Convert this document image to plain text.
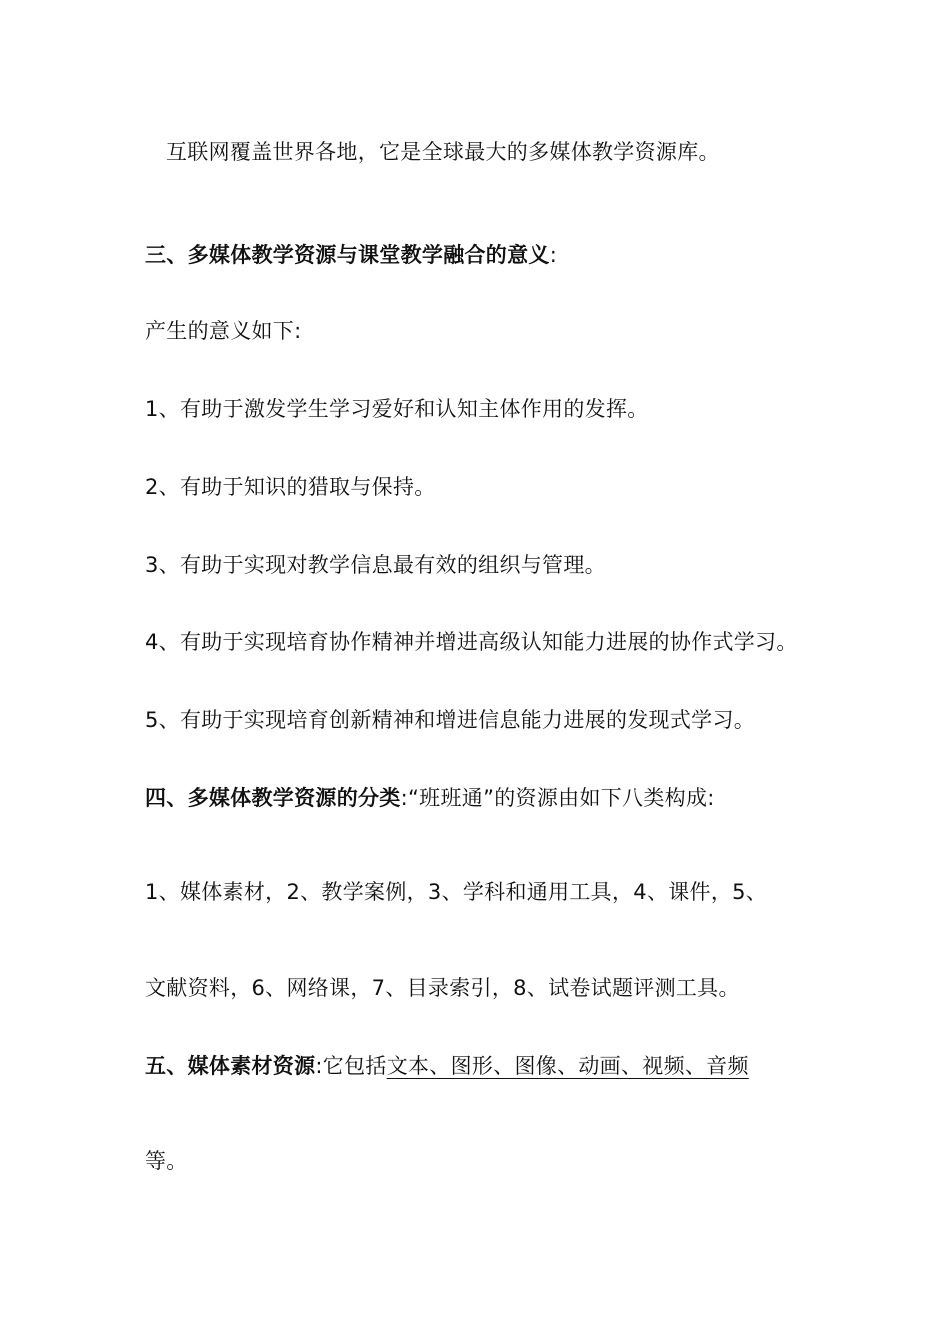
互联网覆盖世界各地，它是全球最大的多媒体教学资源库。
三、多媒体教学资源与课堂教学融合的意义:
产生的意义如下:
1、有助于激发学生学习爱好和认知主体作用的发挥。
2、有助于知识的猎取与保持。
3、有助于实现对教学信息最有效的组织与管理。
4、有助于实现培育协作精神并增进高级认知能力进展的协作式学习。
5、有助于实现培育创新精神和增进信息能力进展的发现式学习。
四、多媒体教学资源的分类:“班班通”的资源由如下八类构成:
1、媒体素材，2、教学案例，3、学科和通用工具，4、课件，5、
文献资料，6、网络课，7、目录索引，8、试卷试题评测工具。
五、媒体素材资源:它包括文本、图形、图像、动画、视频、音频
等。
